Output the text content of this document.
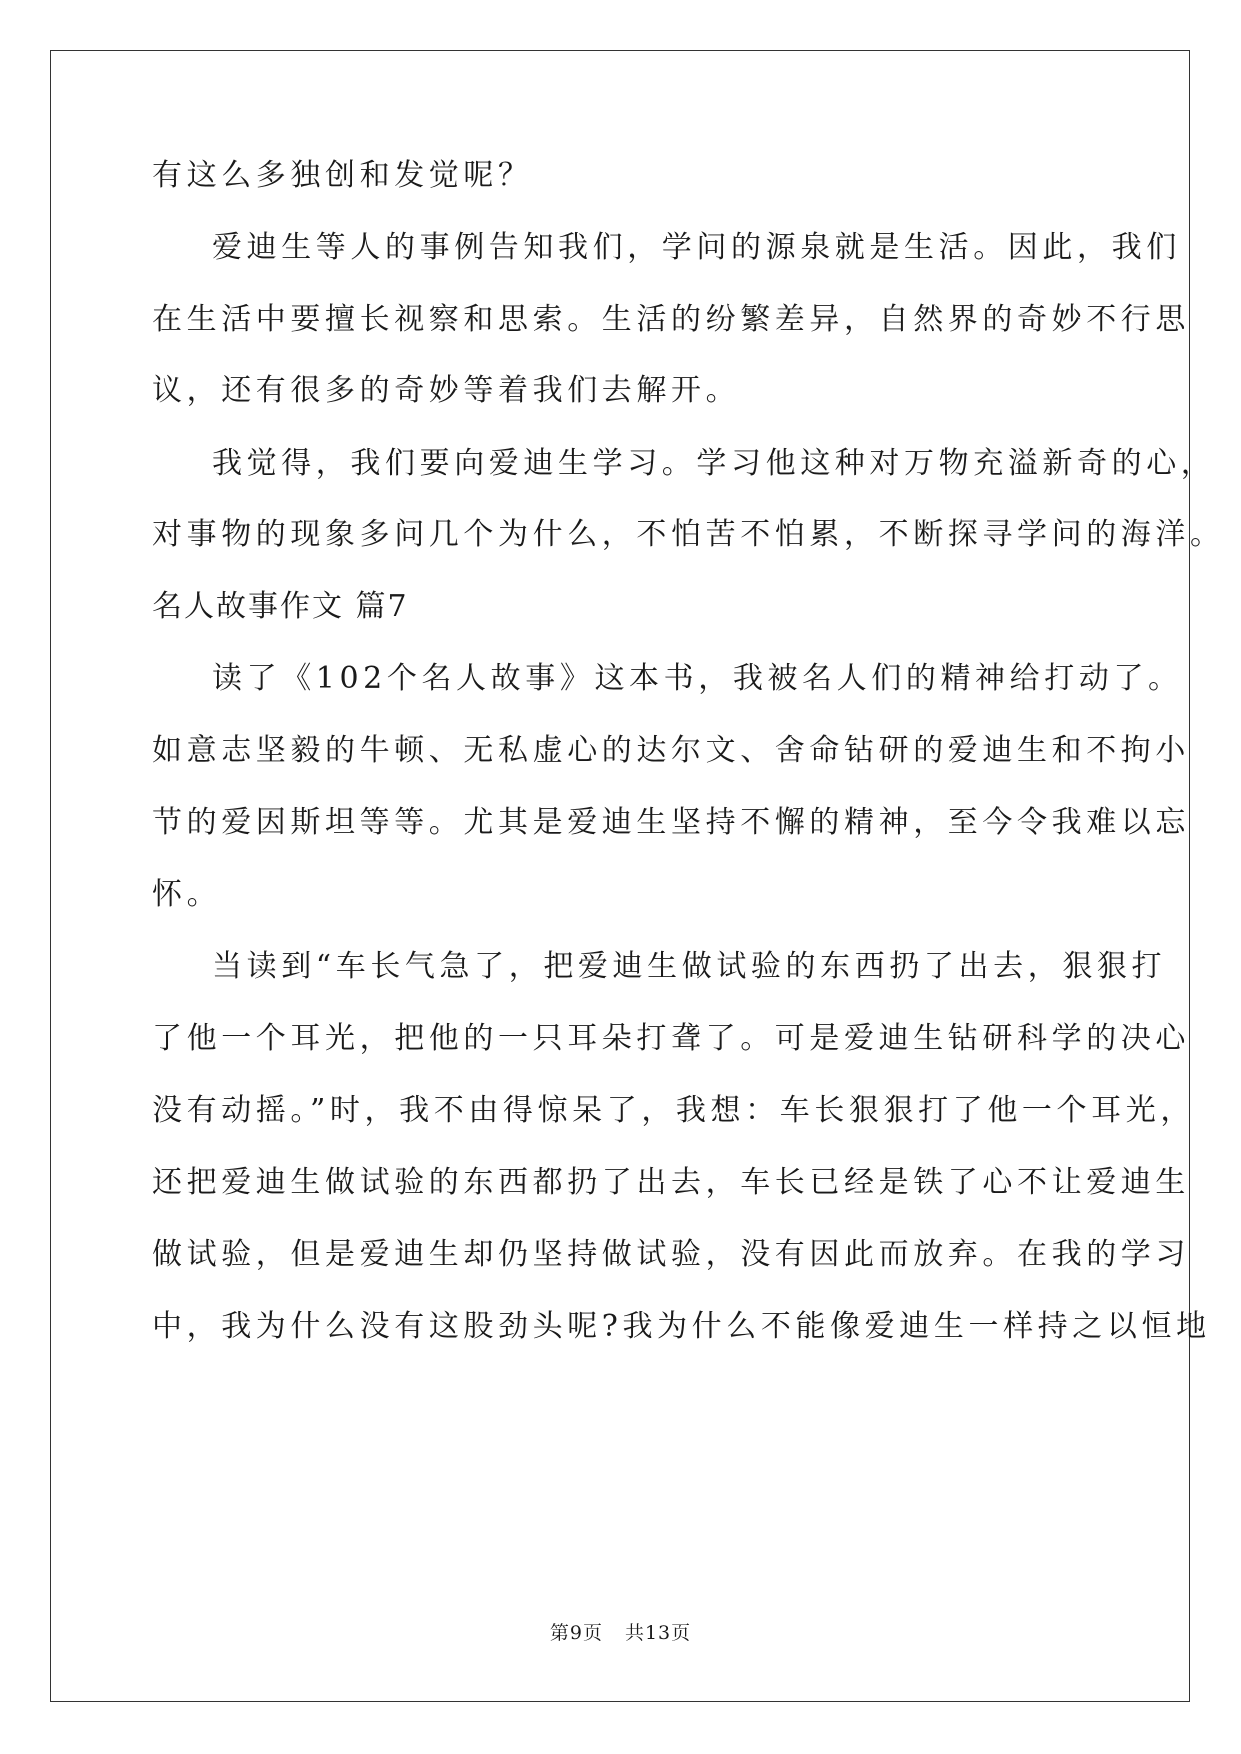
有这么多独创和发觉呢？
爱迪生等人的事例告知我们，学问的源泉就是生活。因此，我们
在生活中要擅长视察和思索。生活的纷繁差异，自然界的奇妙不行思
议，还有很多的奇妙等着我们去解开。
我觉得，我们要向爱迪生学习。学习他这种对万物充溢新奇的心，
对事物的现象多问几个为什么，不怕苦不怕累，不断探寻学问的海洋。
名人故事作文 篇7
读了《102个名人故事》这本书，我被名人们的精神给打动了。
如意志坚毅的牛顿、无私虚心的达尔文、舍命钻研的爱迪生和不拘小
节的爱因斯坦等等。尤其是爱迪生坚持不懈的精神，至今令我难以忘
怀。
当读到“车长气急了，把爱迪生做试验的东西扔了出去，狠狠打
了他一个耳光，把他的一只耳朵打聋了。可是爱迪生钻研科学的决心
没有动摇。”时，我不由得惊呆了，我想：车长狠狠打了他一个耳光，
还把爱迪生做试验的东西都扔了出去，车长已经是铁了心不让爱迪生
做试验，但是爱迪生却仍坚持做试验，没有因此而放弃。在我的学习
中，我为什么没有这股劲头呢?我为什么不能像爱迪生一样持之以恒地
第9页 共13页
